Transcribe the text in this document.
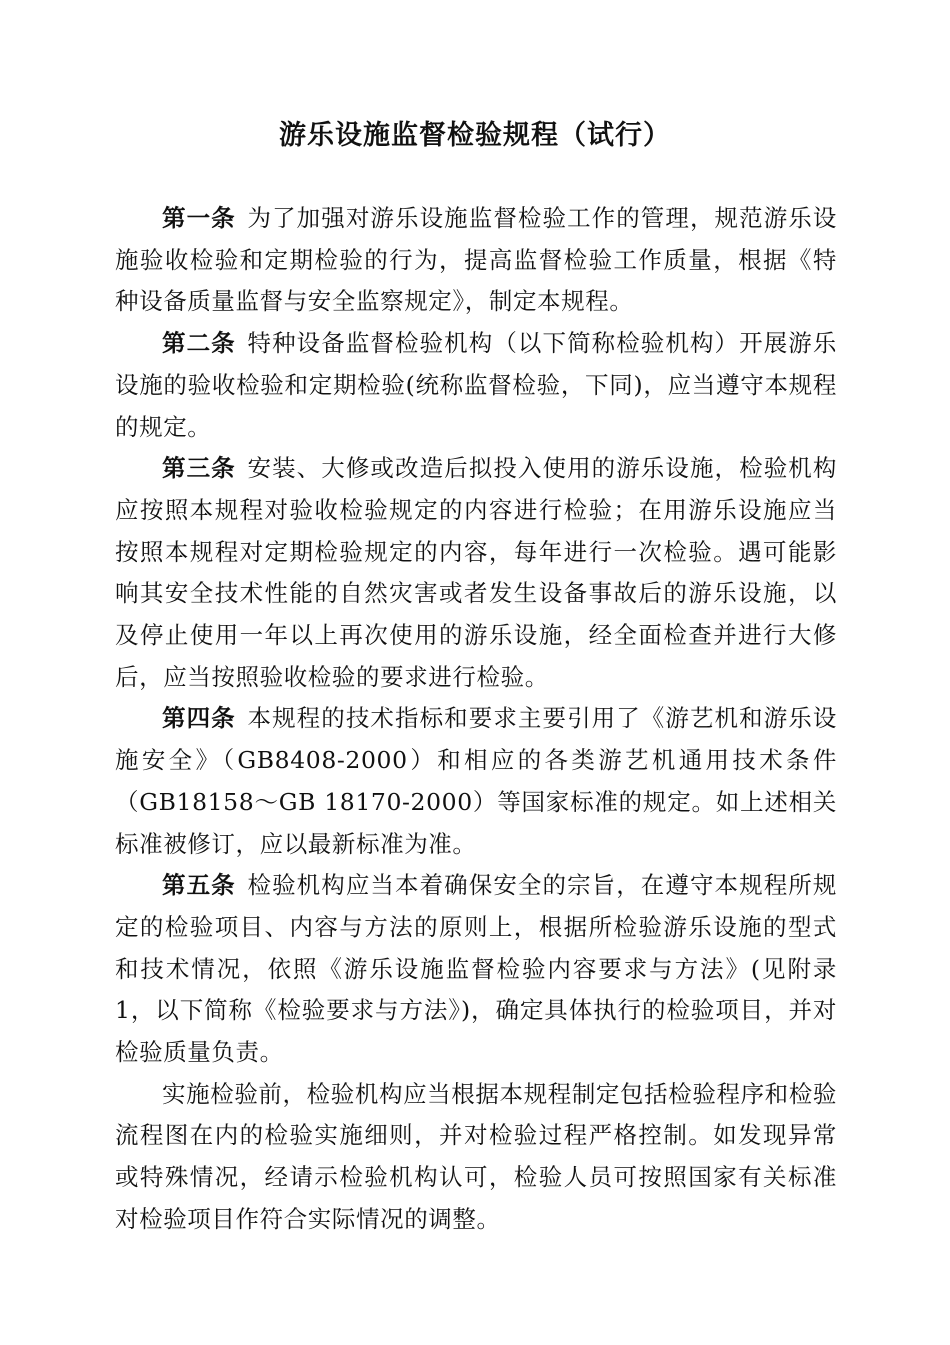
游乐设施监督检验规程（试行）

第一条 为了加强对游乐设施监督检验工作的管理，规范游乐设施验收检验和定期检验的行为，提高监督检验工作质量，根据《特种设备质量监督与安全监察规定》，制定本规程。

第二条 特种设备监督检验机构（以下简称检验机构）开展游乐设施的验收检验和定期检验(统称监督检验，下同)，应当遵守本规程的规定。

第三条 安装、大修或改造后拟投入使用的游乐设施，检验机构应按照本规程对验收检验规定的内容进行检验；在用游乐设施应当按照本规程对定期检验规定的内容，每年进行一次检验。遇可能影响其安全技术性能的自然灾害或者发生设备事故后的游乐设施，以及停止使用一年以上再次使用的游乐设施，经全面检查并进行大修后，应当按照验收检验的要求进行检验。

第四条 本规程的技术指标和要求主要引用了《游艺机和游乐设施安全》（GB8408-2000）和相应的各类游艺机通用技术条件（GB18158～GB 18170-2000）等国家标准的规定。如上述相关标准被修订，应以最新标准为准。

第五条 检验机构应当本着确保安全的宗旨，在遵守本规程所规定的检验项目、内容与方法的原则上，根据所检验游乐设施的型式和技术情况，依照《游乐设施监督检验内容要求与方法》(见附录1，以下简称《检验要求与方法》)，确定具体执行的检验项目，并对检验质量负责。

实施检验前，检验机构应当根据本规程制定包括检验程序和检验流程图在内的检验实施细则，并对检验过程严格控制。如发现异常或特殊情况，经请示检验机构认可，检验人员可按照国家有关标准对检验项目作符合实际情况的调整。
